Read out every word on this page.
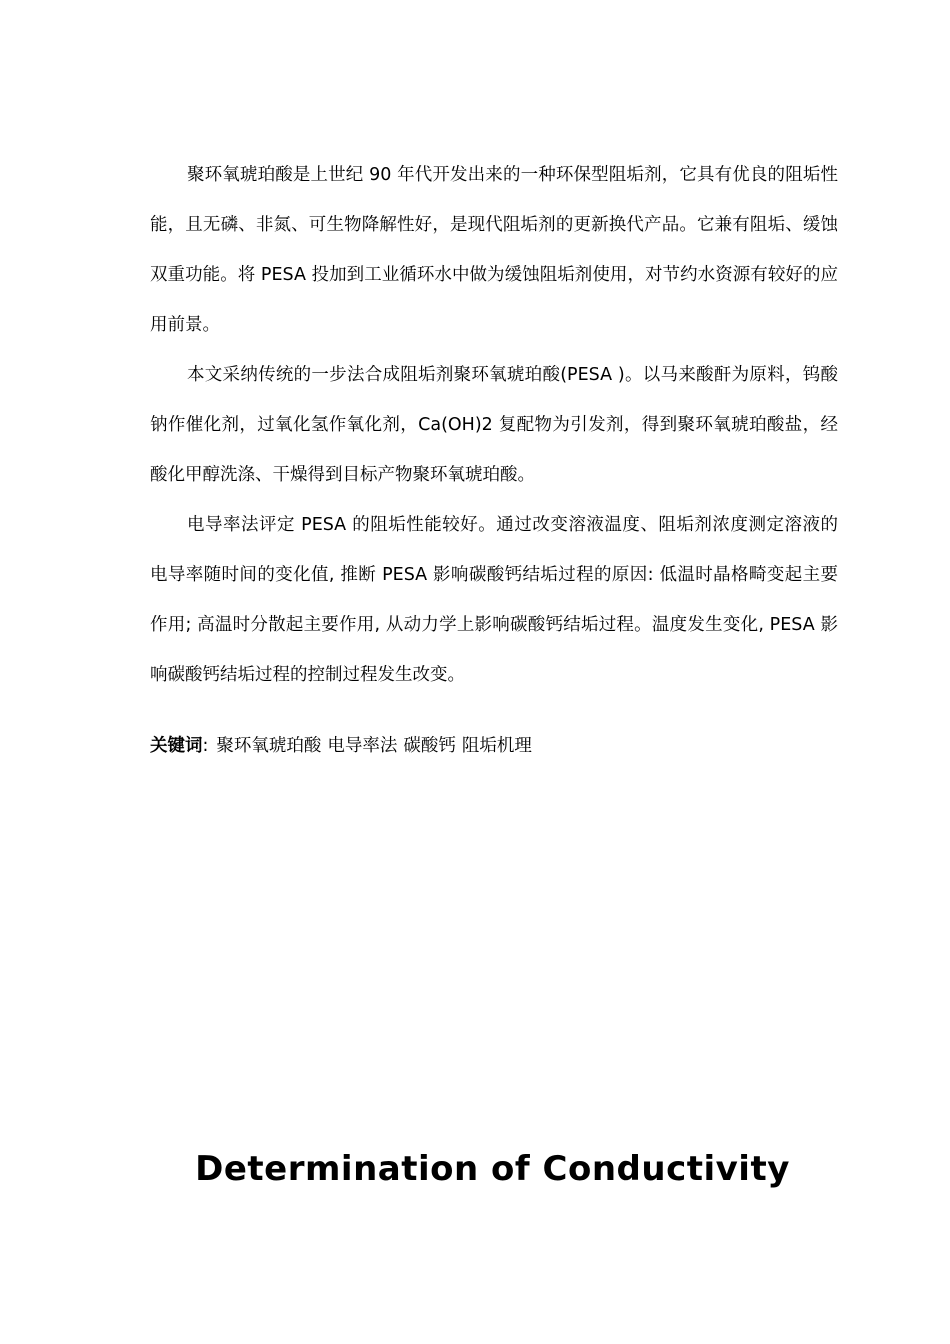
聚环氧琥珀酸是上世纪 90 年代开发出来的一种环保型阻垢剂，它具有优良的阻垢性能，且无磷、非氮、可生物降解性好，是现代阻垢剂的更新换代产品。它兼有阻垢、缓蚀双重功能。将 PESA 投加到工业循环水中做为缓蚀阻垢剂使用，对节约水资源有较好的应用前景。

本文采纳传统的一步法合成阻垢剂聚环氧琥珀酸(PESA )。以马来酸酐为原料，钨酸钠作催化剂，过氧化氢作氧化剂，Ca(OH)2 复配物为引发剂，得到聚环氧琥珀酸盐，经酸化甲醇洗涤、干燥得到目标产物聚环氧琥珀酸。

电导率法评定 PESA 的阻垢性能较好。通过改变溶液温度、阻垢剂浓度测定溶液的电导率随时间的变化值, 推断 PESA 影响碳酸钙结垢过程的原因: 低温时晶格畸变起主要作用; 高温时分散起主要作用, 从动力学上影响碳酸钙结垢过程。温度发生变化, PESA 影响碳酸钙结垢过程的控制过程发生改变。

关键词: 聚环氧琥珀酸 电导率法 碳酸钙 阻垢机理
Determination of Conductivity
